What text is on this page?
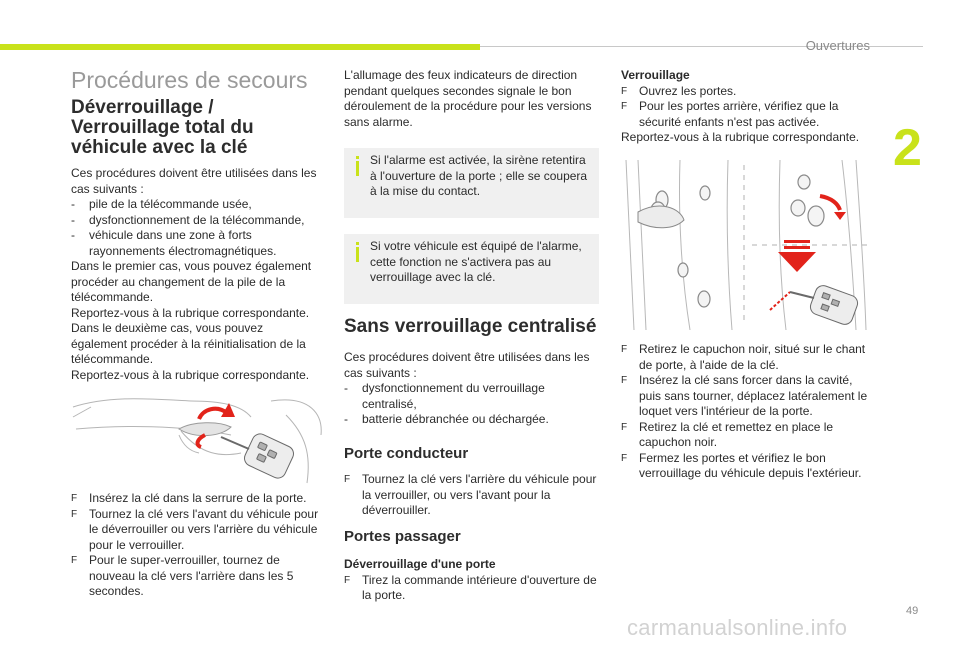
Ouvertures
2
49
carmanualsonline.info
Procédures de secours
Déverrouillage / Verrouillage total du véhicule avec la clé
Ces procédures doivent être utilisées dans les cas suivants :
-	pile de la télécommande usée,
-	dysfonctionnement de la télécommande,
-	véhicule dans une zone à forts rayonnements électromagnétiques.
Dans le premier cas, vous pouvez également procéder au changement de la pile de la télécommande.
Reportez-vous à la rubrique correspondante.
Dans le deuxième cas, vous pouvez également procéder à la réinitialisation de la télécommande.
Reportez-vous à la rubrique correspondante.
F Insérez la clé dans la serrure de la porte.
F Tournez la clé vers l'avant du véhicule pour le déverrouiller ou vers l'arrière du véhicule pour le verrouiller.
F Pour le super-verrouiller, tournez de nouveau la clé vers l'arrière dans les 5 secondes.

L'allumage des feux indicateurs de direction pendant quelques secondes signale le bon déroulement de la procédure pour les versions sans alarme.

Si l'alarme est activée, la sirène retentira à l'ouverture de la porte ; elle se coupera à la mise du contact.
Si votre véhicule est équipé de l'alarme, cette fonction ne s'activera pas au verrouillage avec la clé.
Sans verrouillage centralisé
Ces procédures doivent être utilisées dans les cas suivants :
-	dysfonctionnement du verrouillage centralisé,
-	batterie débranchée ou déchargée.
Porte conducteur
F Tournez la clé vers l'arrière du véhicule pour la verrouiller, ou vers l'avant pour la déverrouiller.
Portes passager
Déverrouillage d'une porte
F Tirez la commande intérieure d'ouverture de la porte.
Verrouillage
F Ouvrez les portes.
F Pour les portes arrière, vérifiez que la sécurité enfants n'est pas activée.
Reportez-vous à la rubrique correspondante.
F Retirez le capuchon noir, situé sur le chant de porte, à l'aide de la clé.
F Insérez la clé sans forcer dans la cavité, puis sans tourner, déplacez latéralement le loquet vers l'intérieur de la porte.
F Retirez la clé et remettez en place le capuchon noir.
F Fermez les portes et vérifiez le bon verrouillage du véhicule depuis l'extérieur.
